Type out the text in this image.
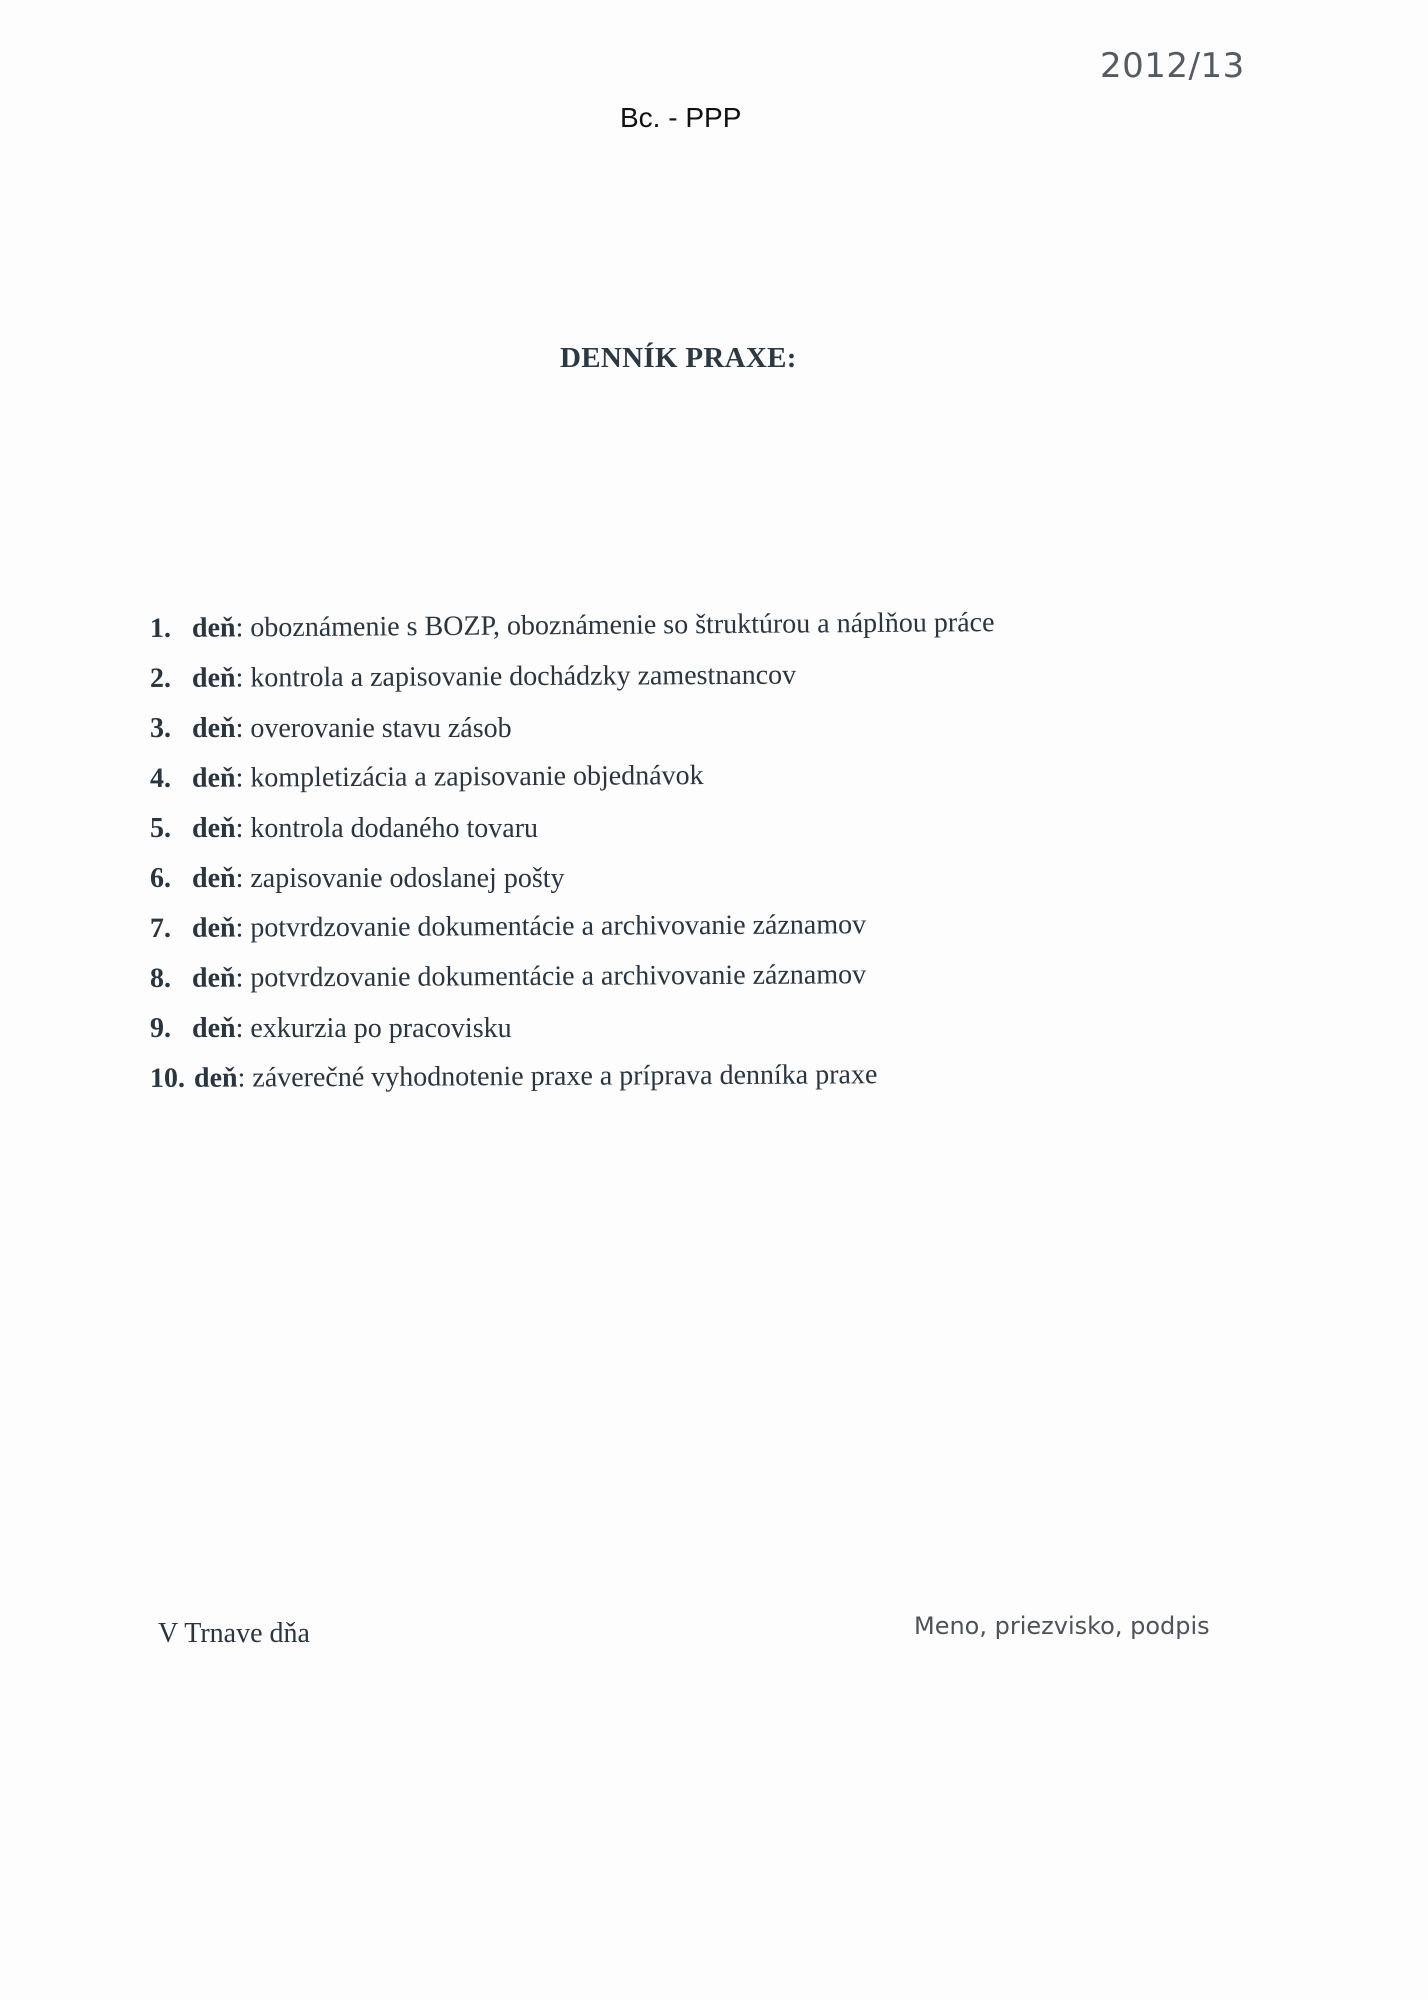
2012/13
Bc. - PPP
DENNÍK PRAXE:
1. deň: oboznámenie s BOZP, oboznámenie so štruktúrou a náplňou práce
2. deň: kontrola a zapisovanie dochádzky zamestnancov
3. deň: overovanie stavu zásob
4. deň: kompletizácia a zapisovanie objednávok
5. deň: kontrola dodaného tovaru
6. deň: zapisovanie odoslanej pošty
7. deň: potvrdzovanie dokumentácie a archivovanie záznamov
8. deň: potvrdzovanie dokumentácie a archivovanie záznamov
9. deň: exkurzia po pracovisku
10. deň: záverečné vyhodnotenie praxe a príprava denníka praxe
V Trnave dňa	Meno, priezvisko, podpis
